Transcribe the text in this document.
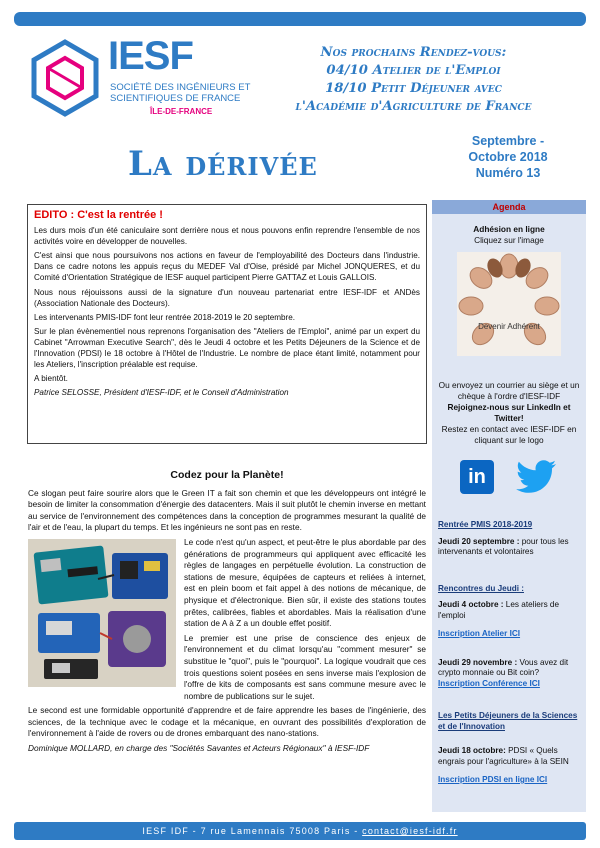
IESF
SOCIÉTÉ DES INGÉNIEURS ET SCIENTIFIQUES DE FRANCE
ÎLE-DE-FRANCE
Nos prochains Rendez-vous:
04/10 Atelier de l'Emploi
18/10 Petit Déjeuner avec
l'Académie d'Agriculture de France
La dérivée
Septembre -
Octobre 2018
Numéro 13
EDITO : C'est la rentrée !

Les durs mois d'un été caniculaire sont derrière nous et nous pouvons enfin reprendre l'ensemble de nos activités voire en développer de nouvelles.

C'est ainsi que nous poursuivons nos actions en faveur de l'employabilité des Docteurs dans l'industrie. Dans ce cadre notons les appuis reçus du MEDEF Val d'Oise, présidé par Michel JONQUERES, et du Comité d'Orientation Stratégique de IESF auquel participent Pierre GATTAZ et Louis GALLOIS.

Nous nous réjouissons aussi de la signature d'un nouveau partenariat entre IESF-IDF et ANDès (Association Nationale des Docteurs).

Les intervenants PMIS-IDF font leur rentrée 2018-2019 le 20 septembre.

Sur le plan évènementiel nous reprenons l'organisation des "Ateliers de l'Emploi", animé par un expert du Cabinet "Arrowman Executive Search", dès le Jeudi 4 octobre et les Petits Déjeuners de la Science et de l'Innovation (PDSI) le 18 octobre à l'Hôtel de l'Industrie. Le nombre de place étant limité, notamment pour les Ateliers, l'inscription préalable est requise.

A bientôt.

Patrice SELOSSE, Président d'IESF-IDF, et le Conseil d'Administration

Codez pour la Planète!

Ce slogan peut faire sourire alors que le Green IT a fait son chemin et que les développeurs ont intégré le besoin de limiter la consommation d'énergie des datacenters. Mais il suit plutôt le chemin inverse en mettant au service de l'environnement des compétences dans la conception de programmes mesurant la qualité de l'air et de l'eau, la plupart du temps. Et les ingénieurs ne sont pas en reste.

Le code n'est qu'un aspect, et peut-être le plus abordable par des générations de programmeurs qui appliquent avec efficacité les règles de langages en perpétuelle évolution. La construction de stations de mesure, équipées de capteurs et reliées à internet, est en plein boom et fait appel à des notions de mécanique, de physique et d'électronique. Bien sûr, il existe des stations toutes prêtes, calibrées, fiables et abordables. Mais la réalisation d'une station de A à Z a un double effet positif.

Le premier est une prise de conscience des enjeux de l'environnement et du climat lorsqu'au "comment mesurer" se substitue le "quoi", puis le "pourquoi". La logique voudrait que ces trois questions soient posées en sens inverse mais l'explosion de l'offre de kits de composants est sans commune mesure avec le nombre de publications sur le sujet.

Le second est une formidable opportunité d'apprendre et de faire apprendre les bases de l'ingénierie, des sciences, de la technique avec le codage et la mécanique, en ouvrant des possibilités d'exploration de l'environnement à l'aide de rovers ou de drones embarquant des nano-stations.

Dominique MOLLARD, en charge des "Sociétés Savantes et Acteurs Régionaux" à IESF-IDF

Agenda
Adhésion en ligne
Cliquez sur l'image
Devenir Adhérent
Ou envoyez un courrier au siège et un chèque à l'ordre d'IESF-IDF
Rejoignez-nous sur LinkedIn et Twitter!
Restez en contact avec IESF-IDF en cliquant sur le logo
in
Rentrée PMIS 2018-2019
Jeudi 20 septembre : pour tous les intervenants et volontaires
Rencontres du Jeudi :
Jeudi 4 octobre : Les ateliers de l'emploi
Inscription Atelier ICI
Jeudi 29 novembre : Vous avez dit crypto monnaie ou Bit coin?
Inscription Conférence ICI
Les Petits Déjeuners de la Sciences et de l'Innovation
Jeudi 18 octobre: PDSI « Quels engrais pour l'agriculture» à la SEIN
Inscription PDSI en ligne ICI
IESF IDF - 7 rue Lamennais 75008 Paris - contact@iesf-idf.fr
